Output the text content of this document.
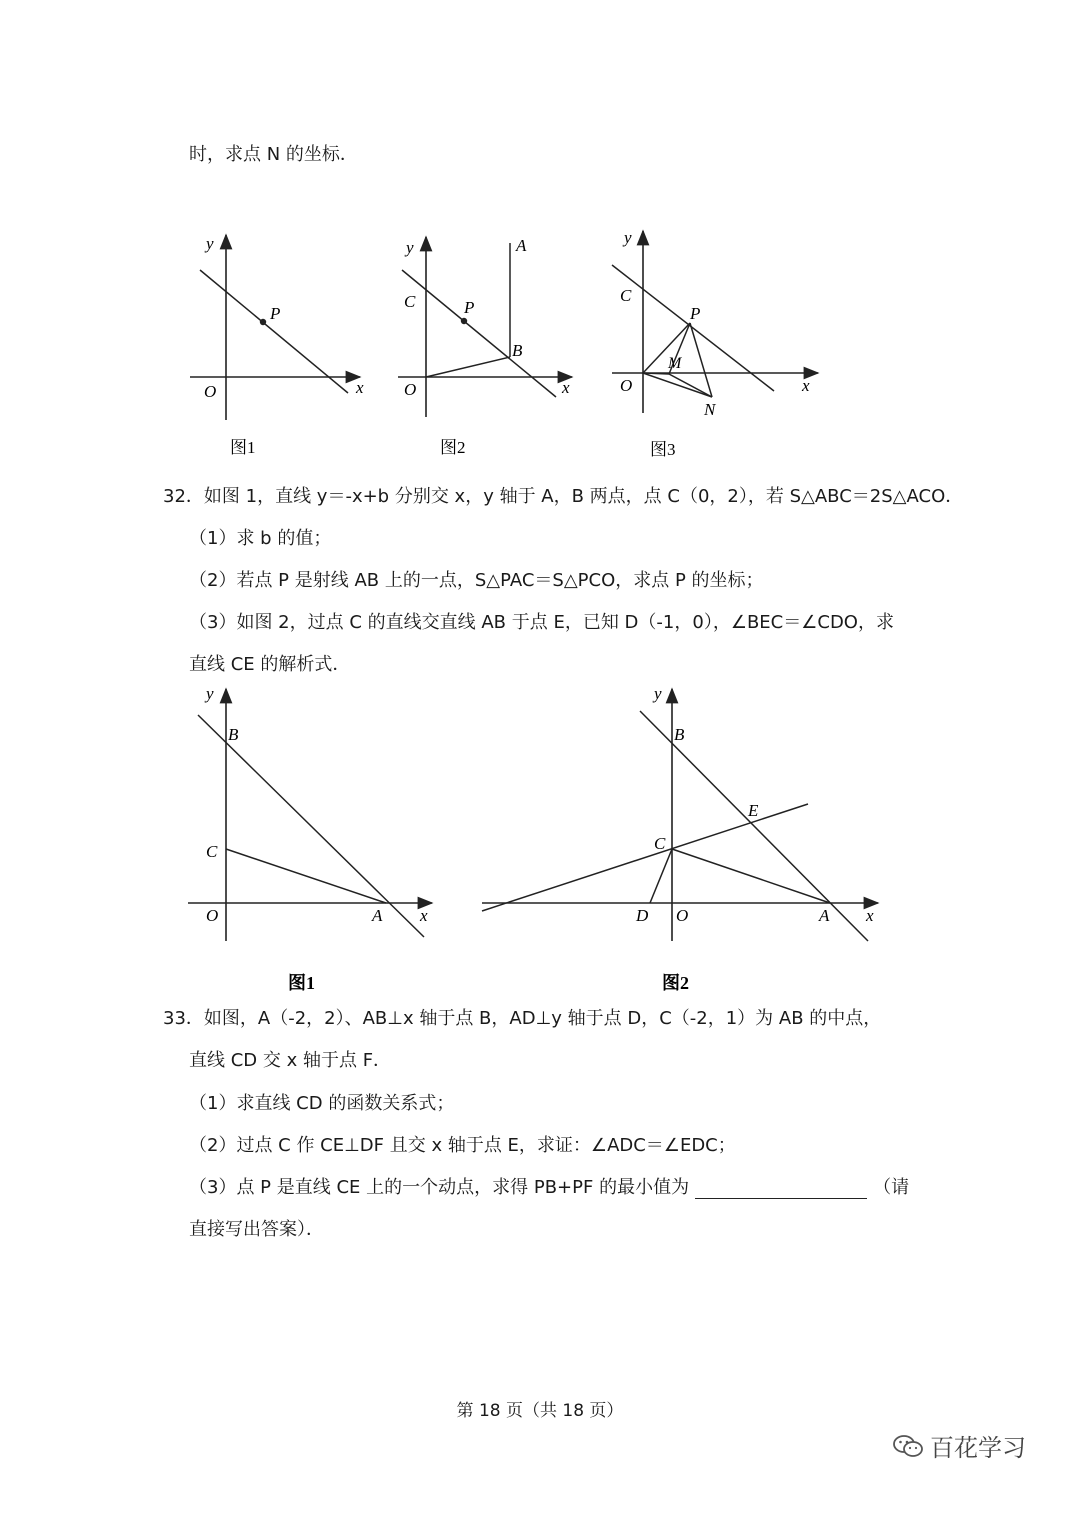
时，求点 N 的坐标．
y
x
O
P
图1
y
x
O
P
A
B
C
图2
y
x
O
C
P
M
N
图3
32．如图 1，直线 y＝-x+b 分别交 x，y 轴于 A，B 两点，点 C（0，2），若 S△ABC＝2S△ACO．
（1）求 b 的值；
（2）若点 P 是射线 AB 上的一点，S△PAC＝S△PCO，求点 P 的坐标；
（3）如图 2，过点 C 的直线交直线 AB 于点 E，已知 D（-1，0），∠BEC＝∠CDO，求
直线 CE 的解析式．
y
x
O
B
C
A
图1
y
x
O
B
C
D
E
A
图2
33．如图，A（-2，2）、AB⊥x 轴于点 B，AD⊥y 轴于点 D，C（-2，1）为 AB 的中点，
直线 CD 交 x 轴于点 F．
（1）求直线 CD 的函数关系式；
（2）过点 C 作 CE⊥DF 且交 x 轴于点 E，求证：∠ADC＝∠EDC；
（3）点 P 是直线 CE 上的一个动点，求得 PB+PF 的最小值为	（请
直接写出答案）．
第 18 页（共 18 页）
百花学习
